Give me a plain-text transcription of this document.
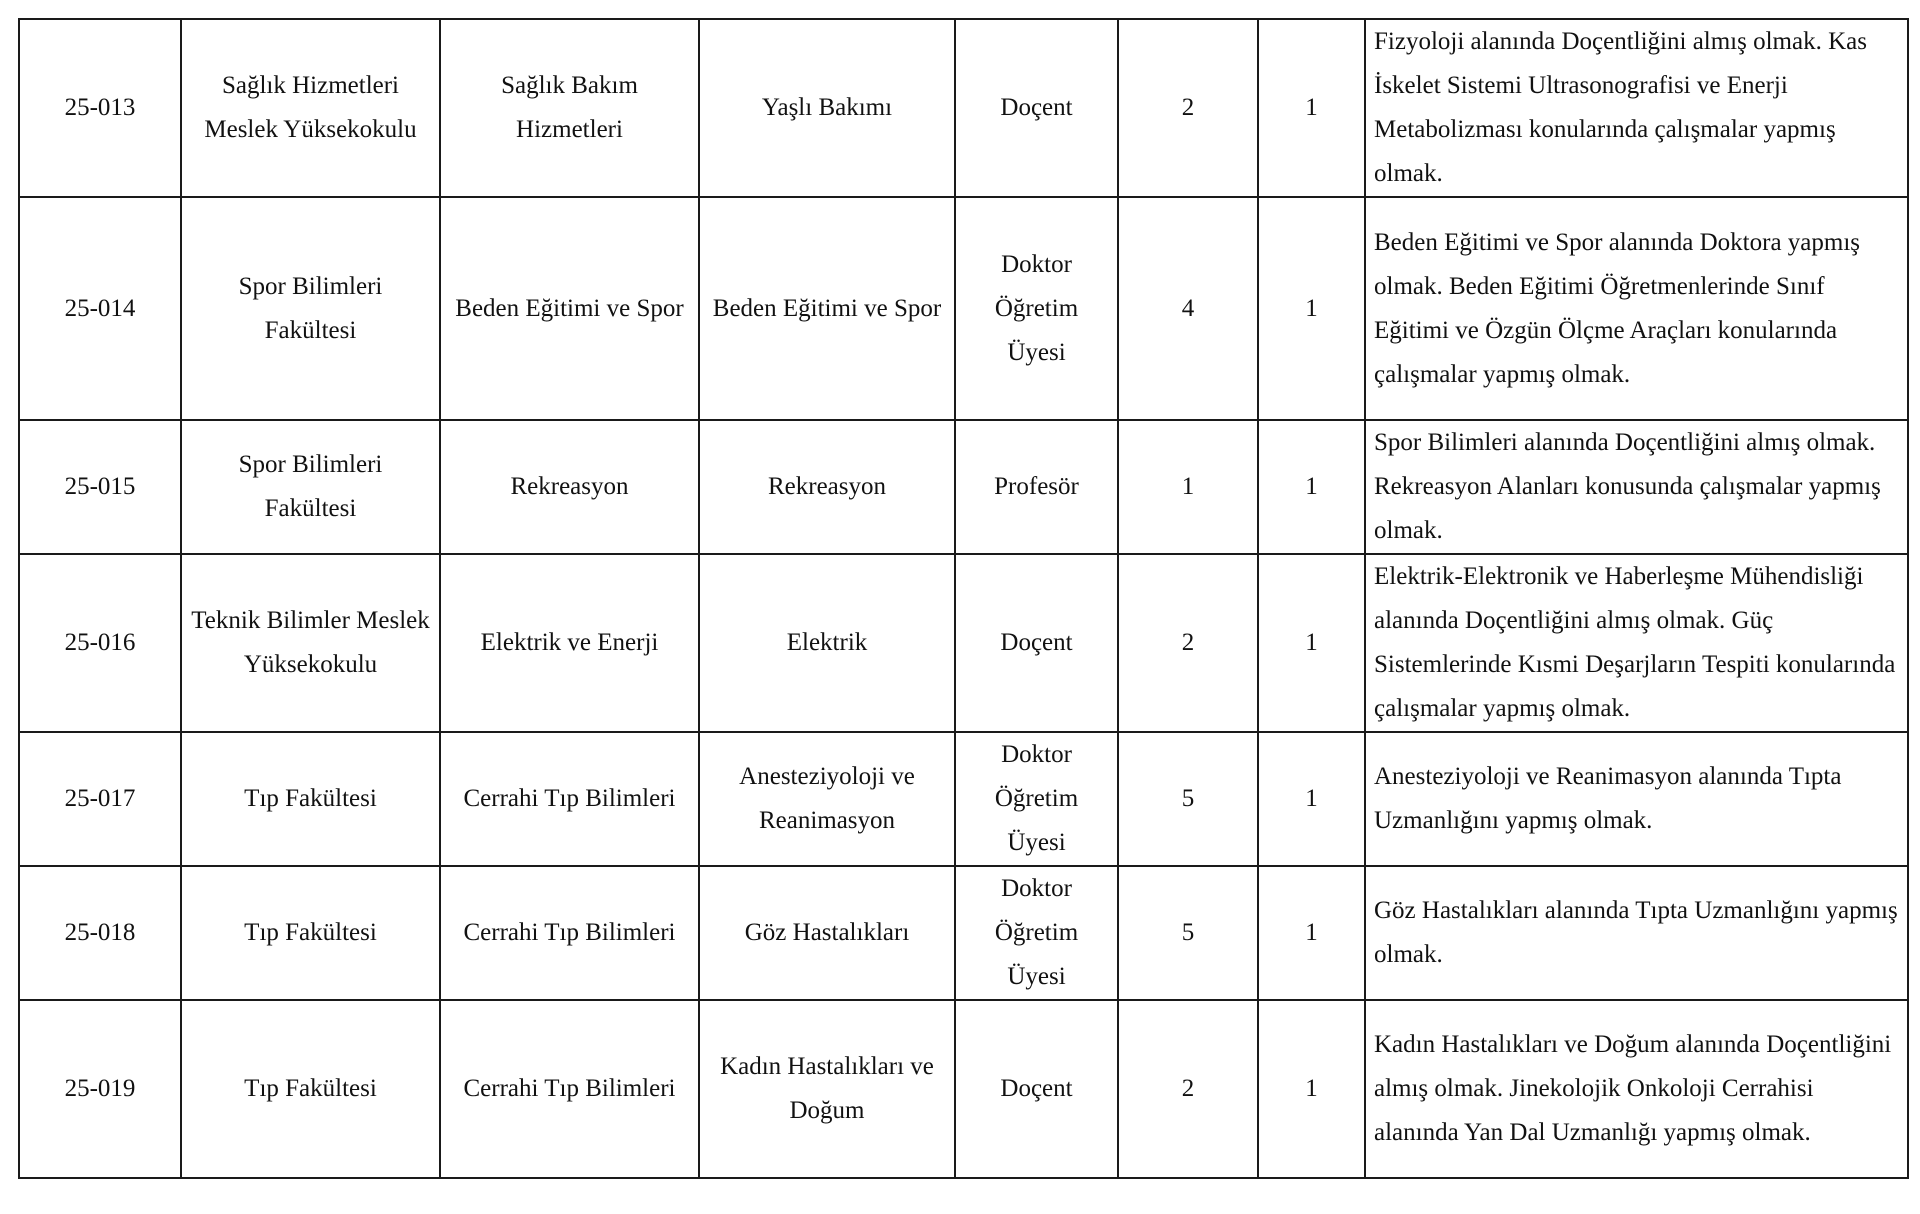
25-013	Sağlık Hizmetleri Meslek Yüksekokulu	Sağlık Bakım Hizmetleri	Yaşlı Bakımı	Doçent	2	1	Fizyoloji alanında Doçentliğini almış olmak. Kas İskelet Sistemi Ultrasonografisi ve Enerji Metabolizması konularında çalışmalar yapmış olmak.
25-014	Spor Bilimleri Fakültesi	Beden Eğitimi ve Spor	Beden Eğitimi ve Spor	Doktor Öğretim Üyesi	4	1	Beden Eğitimi ve Spor alanında Doktora yapmış olmak. Beden Eğitimi Öğretmenlerinde Sınıf Eğitimi ve Özgün Ölçme Araçları konularında çalışmalar yapmış olmak.
25-015	Spor Bilimleri Fakültesi	Rekreasyon	Rekreasyon	Profesör	1	1	Spor Bilimleri alanında Doçentliğini almış olmak. Rekreasyon Alanları konusunda çalışmalar yapmış olmak.
25-016	Teknik Bilimler Meslek Yüksekokulu	Elektrik ve Enerji	Elektrik	Doçent	2	1	Elektrik-Elektronik ve Haberleşme Mühendisliği alanında Doçentliğini almış olmak. Güç Sistemlerinde Kısmi Deşarjların Tespiti konularında çalışmalar yapmış olmak.
25-017	Tıp Fakültesi	Cerrahi Tıp Bilimleri	Anesteziyoloji ve Reanimasyon	Doktor Öğretim Üyesi	5	1	Anesteziyoloji ve Reanimasyon alanında Tıpta Uzmanlığını yapmış olmak.
25-018	Tıp Fakültesi	Cerrahi Tıp Bilimleri	Göz Hastalıkları	Doktor Öğretim Üyesi	5	1	Göz Hastalıkları alanında Tıpta Uzmanlığını yapmış olmak.
25-019	Tıp Fakültesi	Cerrahi Tıp Bilimleri	Kadın Hastalıkları ve Doğum	Doçent	2	1	Kadın Hastalıkları ve Doğum alanında Doçentliğini almış olmak. Jinekolojik Onkoloji Cerrahisi alanında Yan Dal Uzmanlığı yapmış olmak.
